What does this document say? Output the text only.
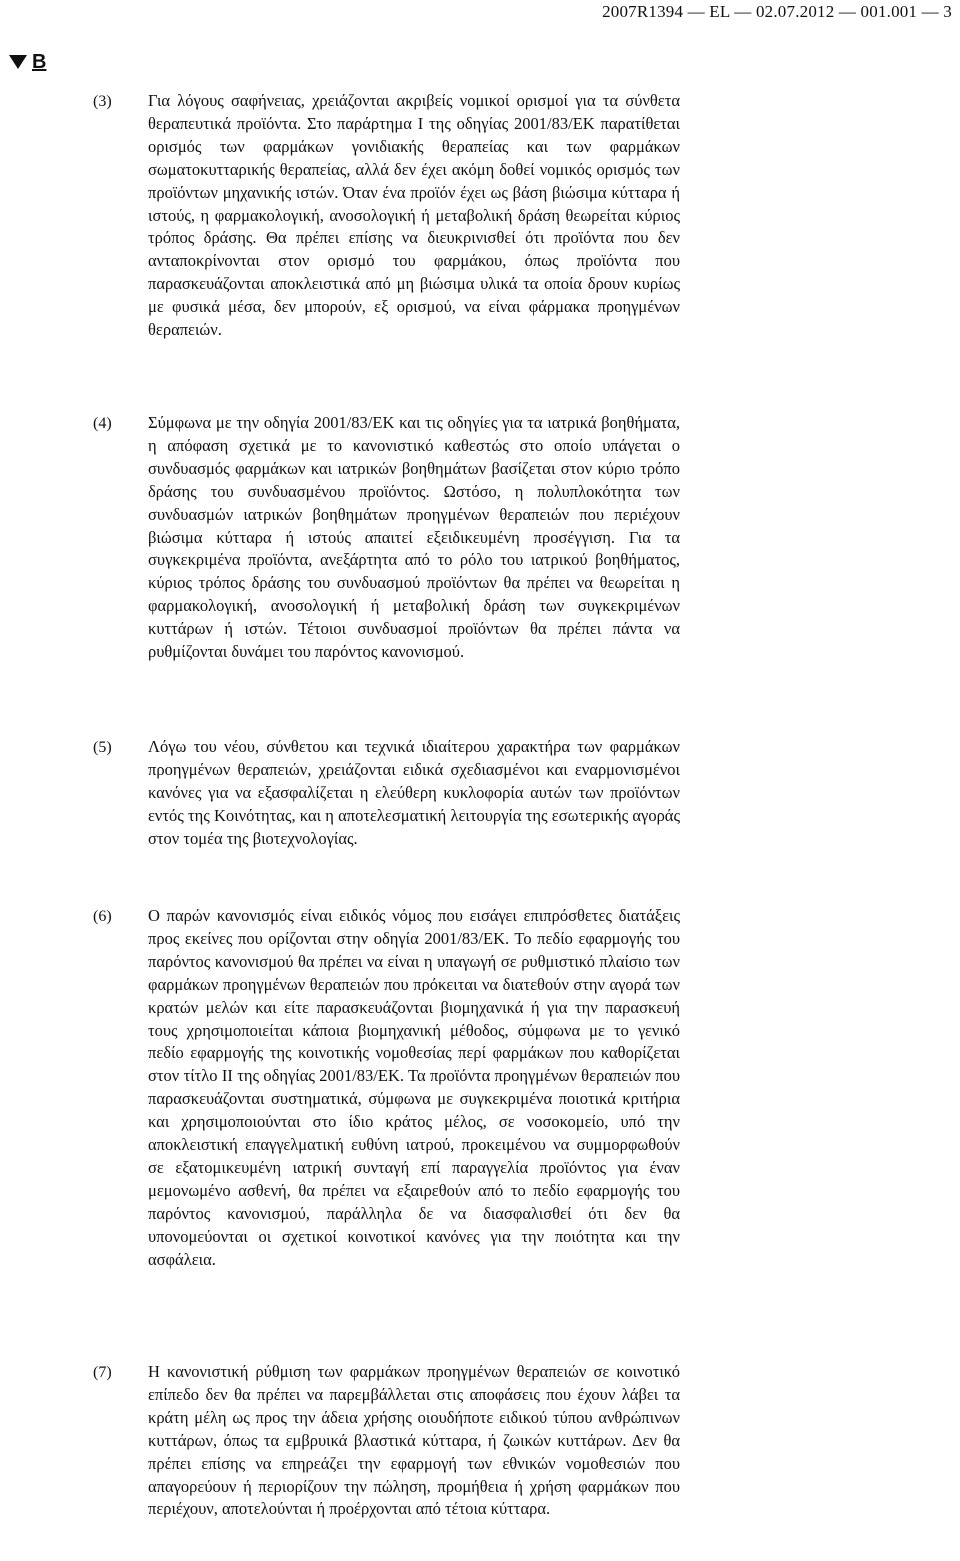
2007R1394 — EL — 02.07.2012 — 001.001 — 3
B
(3) Για λόγους σαφήνειας, χρειάζονται ακριβείς νομικοί ορισμοί για τα σύνθετα θεραπευτικά προϊόντα. Στο παράρτημα I της οδηγίας 2001/83/ΕΚ παρατίθεται ορισμός των φαρμάκων γονιδιακής θεραπείας και των φαρμάκων σωματοκυτταρικής θεραπείας, αλλά δεν έχει ακόμη δοθεί νομικός ορισμός των προϊόντων μηχανικής ιστών. Όταν ένα προϊόν έχει ως βάση βιώσιμα κύτταρα ή ιστούς, η φαρμακολογική, ανοσολογική ή μεταβολική δράση θεωρείται κύριος τρόπος δράσης. Θα πρέπει επίσης να διευκρινισθεί ότι προϊόντα που δεν ανταποκρίνονται στον ορισμό του φαρμάκου, όπως προϊόντα που παρασκευάζονται αποκλειστικά από μη βιώσιμα υλικά τα οποία δρουν κυρίως με φυσικά μέσα, δεν μπορούν, εξ ορισμού, να είναι φάρμακα προηγμένων θεραπειών.
(4) Σύμφωνα με την οδηγία 2001/83/ΕΚ και τις οδηγίες για τα ιατρικά βοηθήματα, η απόφαση σχετικά με το κανονιστικό καθεστώς στο οποίο υπάγεται ο συνδυασμός φαρμάκων και ιατρικών βοηθημάτων βασίζεται στον κύριο τρόπο δράσης του συνδυασμένου προϊόντος. Ωστόσο, η πολυπλοκότητα των συνδυασμών ιατρικών βοηθημάτων προηγμένων θεραπειών που περιέχουν βιώσιμα κύτταρα ή ιστούς απαιτεί εξειδικευμένη προσέγγιση. Για τα συγκεκριμένα προϊόντα, ανεξάρτητα από το ρόλο του ιατρικού βοηθήματος, κύριος τρόπος δράσης του συνδυασμού προϊόντων θα πρέπει να θεωρείται η φαρμακολογική, ανοσολογική ή μεταβολική δράση των συγκεκριμένων κυττάρων ή ιστών. Τέτοιοι συνδυασμοί προϊόντων θα πρέπει πάντα να ρυθμίζονται δυνάμει του παρόντος κανονισμού.
(5) Λόγω του νέου, σύνθετου και τεχνικά ιδιαίτερου χαρακτήρα των φαρμάκων προηγμένων θεραπειών, χρειάζονται ειδικά σχεδιασμένοι και εναρμονισμένοι κανόνες για να εξασφαλίζεται η ελεύθερη κυκλοφορία αυτών των προϊόντων εντός της Κοινότητας, και η αποτελεσματική λειτουργία της εσωτερικής αγοράς στον τομέα της βιοτεχνολογίας.
(6) Ο παρών κανονισμός είναι ειδικός νόμος που εισάγει επιπρόσθετες διατάξεις προς εκείνες που ορίζονται στην οδηγία 2001/83/ΕΚ. Το πεδίο εφαρμογής του παρόντος κανονισμού θα πρέπει να είναι η υπαγωγή σε ρυθμιστικό πλαίσιο των φαρμάκων προηγμένων θεραπειών που πρόκειται να διατεθούν στην αγορά των κρατών μελών και είτε παρασκευάζονται βιομηχανικά ή για την παρασκευή τους χρησιμοποιείται κάποια βιομηχανική μέθοδος, σύμφωνα με το γενικό πεδίο εφαρμογής της κοινοτικής νομοθεσίας περί φαρμάκων που καθορίζεται στον τίτλο II της οδηγίας 2001/83/ΕΚ. Τα προϊόντα προηγμένων θεραπειών που παρασκευάζονται συστηματικά, σύμφωνα με συγκεκριμένα ποιοτικά κριτήρια και χρησιμοποιούνται στο ίδιο κράτος μέλος, σε νοσοκομείο, υπό την αποκλειστική επαγγελματική ευθύνη ιατρού, προκειμένου να συμμορφωθούν σε εξατομικευμένη ιατρική συνταγή επί παραγγελία προϊόντος για έναν μεμονωμένο ασθενή, θα πρέπει να εξαιρεθούν από το πεδίο εφαρμογής του παρόντος κανονισμού, παράλληλα δε να διασφαλισθεί ότι δεν θα υπονομεύονται οι σχετικοί κοινοτικοί κανόνες για την ποιότητα και την ασφάλεια.
(7) Η κανονιστική ρύθμιση των φαρμάκων προηγμένων θεραπειών σε κοινοτικό επίπεδο δεν θα πρέπει να παρεμβάλλεται στις αποφάσεις που έχουν λάβει τα κράτη μέλη ως προς την άδεια χρήσης οιουδήποτε ειδικού τύπου ανθρώπινων κυττάρων, όπως τα εμβρυικά βλαστικά κύτταρα, ή ζωικών κυττάρων. Δεν θα πρέπει επίσης να επηρεάζει την εφαρμογή των εθνικών νομοθεσιών που απαγορεύουν ή περιορίζουν την πώληση, προμήθεια ή χρήση φαρμάκων που περιέχουν, αποτελούνται ή προέρχονται από τέτοια κύτταρα.
